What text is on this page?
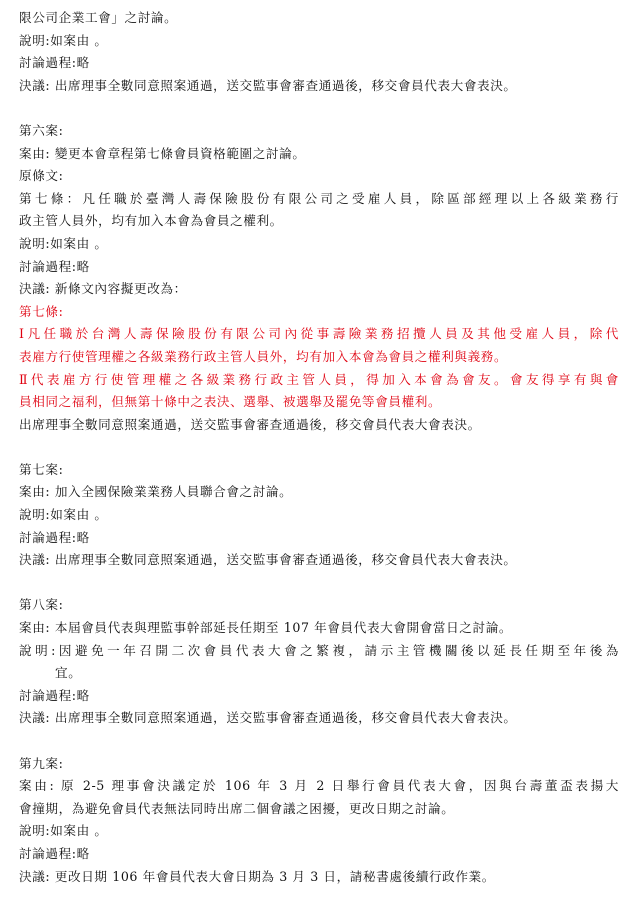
限公司企業工會」之討論。
說明:如案由 。
討論過程:略
決議: 出席理事全數同意照案通過，送交監事會審查通過後，移交會員代表大會表決。
第六案:
案由: 變更本會章程第七條會員資格範圍之討論。
原條文:
第七條：凡任職於臺灣人壽保險股份有限公司之受雇人員，除區部經理以上各級業務行
政主管人員外，均有加入本會為會員之權利。
說明:如案由 。
討論過程:略
決議: 新條文內容擬更改為：
第七條:
Ⅰ凡任職於台灣人壽保險股份有限公司內從事壽險業務招攬人員及其他受雇人員，除代
表雇方行使管理權之各級業務行政主管人員外，均有加入本會為會員之權利與義務。
Ⅱ代表雇方行使管理權之各級業務行政主管人員，得加入本會為會友。會友得享有與會
員相同之福利，但無第十條中之表決、選舉、被選舉及罷免等會員權利。
出席理事全數同意照案通過，送交監事會審查通過後，移交會員代表大會表決。
第七案:
案由: 加入全國保險業業務人員聯合會之討論。
說明:如案由 。
討論過程:略
決議: 出席理事全數同意照案通過，送交監事會審查通過後，移交會員代表大會表決。
第八案:
案由: 本屆會員代表與理監事幹部延長任期至 107 年會員代表大會開會當日之討論。
說明:因避免一年召開二次會員代表大會之繁複，請示主管機關後以延長任期至年後為
宜。
討論過程:略
決議: 出席理事全數同意照案通過，送交監事會審查通過後，移交會員代表大會表決。
第九案:
案由: 原 2-5 理事會決議定於 106 年 3 月 2 日舉行會員代表大會，因與台壽董盃表揚大
會撞期，為避免會員代表無法同時出席二個會議之困擾，更改日期之討論。
說明:如案由 。
討論過程:略
決議: 更改日期 106 年會員代表大會日期為 3 月 3 日，請秘書處後續行政作業。
